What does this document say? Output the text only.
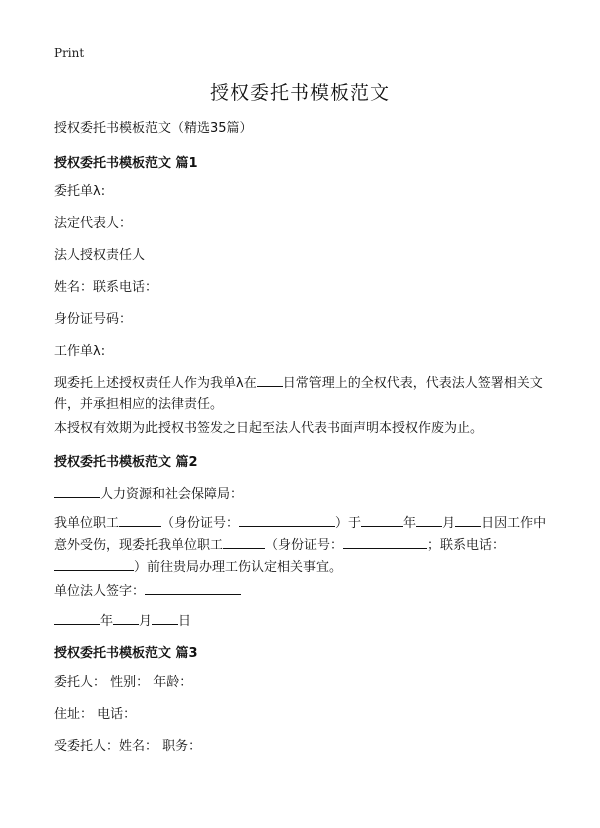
Print
授权委托书模板范文
授权委托书模板范文（精选35篇）
授权委托书模板范文 篇1
委托单λ:
法定代表人：
法人授权责任人
姓名：联系电话：
身份证号码：
工作单λ:
现委托上述授权责任人作为我单λ在 日常管理上的全权代表，代表法人签署相关文件，并承担相应的法律责任。
本授权有效期为此授权书签发之日起至法人代表书面声明本授权作废为止。
授权委托书模板范文 篇2
人力资源和社会保障局：
我单位职工	（身份证号：	）于	年 月 日因工作中意外受伤，现委托我单位职工	（身份证号：	；联系电话：）前往贵局办理工伤认定相关事宜。
单位法人签字：
年 月 日
授权委托书模板范文 篇3
委托人： 性别： 年龄：
住址： 电话：
受委托人：姓名： 职务：
